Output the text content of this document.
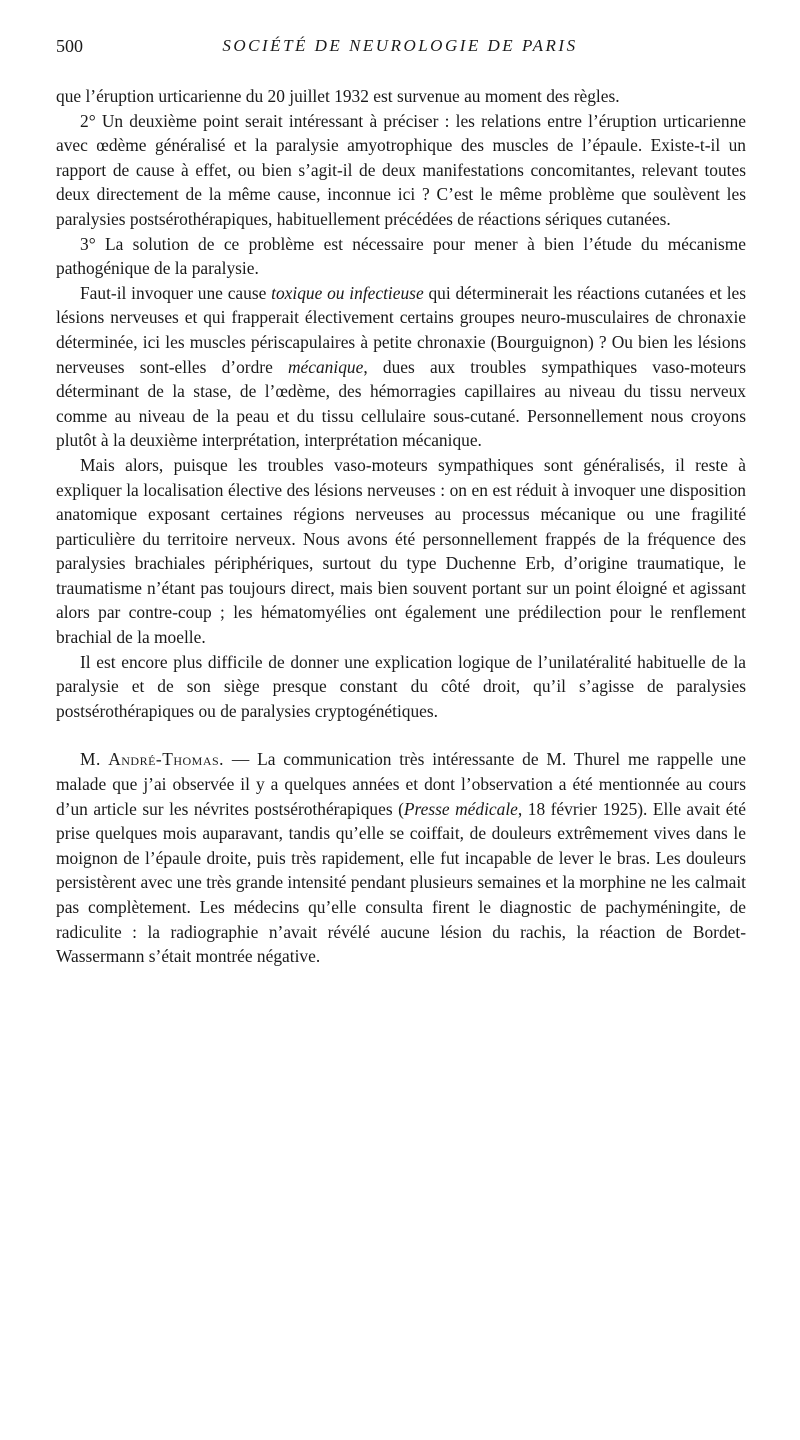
500	SOCIÉTÉ DE NEUROLOGIE DE PARIS

que l’éruption urticarienne du 20 juillet 1932 est survenue au moment des règles.

2° Un deuxième point serait intéressant à préciser : les relations entre l’éruption urticarienne avec œdème généralisé et la paralysie amyotrophique des muscles de l’épaule. Existe-t-il un rapport de cause à effet, ou bien s’agit-il de deux manifestations concomitantes, relevant toutes deux directement de la même cause, inconnue ici ? C’est le même problème que soulèvent les paralysies postsérothérapiques, habituellement précédées de réactions sériques cutanées.

3° La solution de ce problème est nécessaire pour mener à bien l’étude du mécanisme pathogénique de la paralysie.

Faut-il invoquer une cause toxique ou infectieuse qui déterminerait les réactions cutanées et les lésions nerveuses et qui frapperait électivement certains groupes neuro-musculaires de chronaxie déterminée, ici les muscles périscapulaires à petite chronaxie (Bourguignon) ? Ou bien les lésions nerveuses sont-elles d’ordre mécanique, dues aux troubles sympathiques vaso-moteurs déterminant de la stase, de l’œdème, des hémorragies capillaires au niveau du tissu nerveux comme au niveau de la peau et du tissu cellulaire sous-cutané. Personnellement nous croyons plutôt à la deuxième interprétation, interprétation mécanique.

Mais alors, puisque les troubles vaso-moteurs sympathiques sont généralisés, il reste à expliquer la localisation élective des lésions nerveuses : on en est réduit à invoquer une disposition anatomique exposant certaines régions nerveuses au processus mécanique ou une fragilité particulière du territoire nerveux. Nous avons été personnellement frappés de la fréquence des paralysies brachiales périphériques, surtout du type Duchenne Erb, d’origine traumatique, le traumatisme n’étant pas toujours direct, mais bien souvent portant sur un point éloigné et agissant alors par contre-coup ; les hématomyélies ont également une prédilection pour le renflement brachial de la moelle.

Il est encore plus difficile de donner une explication logique de l’unilatéralité habituelle de la paralysie et de son siège presque constant du côté droit, qu’il s’agisse de paralysies postsérothérapiques ou de paralysies cryptogénétiques.

M. André-Thomas. — La communication très intéressante de M. Thurel me rappelle une malade que j’ai observée il y a quelques années et dont l’observation a été mentionnée au cours d’un article sur les névrites postsérothérapiques (Presse médicale, 18 février 1925). Elle avait été prise quelques mois auparavant, tandis qu’elle se coiffait, de douleurs extrêmement vives dans le moignon de l’épaule droite, puis très rapidement, elle fut incapable de lever le bras. Les douleurs persistèrent avec une très grande intensité pendant plusieurs semaines et la morphine ne les calmait pas complètement. Les médecins qu’elle consulta firent le diagnostic de pachyméningite, de radiculite : la radiographie n’avait révélé aucune lésion du rachis, la réaction de Bordet-Wassermann s’était montrée négative.
